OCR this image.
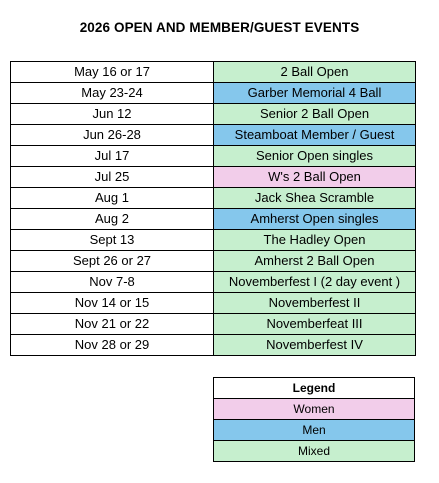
2026 OPEN AND MEMBER/GUEST EVENTS
May 16 or 17	2 Ball Open
May 23-24	Garber Memorial 4 Ball
Jun 12	Senior 2 Ball Open
Jun 26-28	Steamboat Member / Guest
Jul 17	Senior Open singles
Jul 25	W's 2 Ball Open
Aug 1	Jack Shea Scramble
Aug 2	Amherst Open singles
Sept 13	The Hadley Open
Sept 26 or 27	Amherst 2 Ball Open
Nov 7-8	Novemberfest I (2 day event )
Nov 14 or 15	Novemberfest II
Nov 21 or 22	Novemberfeat III
Nov 28 or 29	Novemberfest IV
Legend
Women
Men
Mixed
